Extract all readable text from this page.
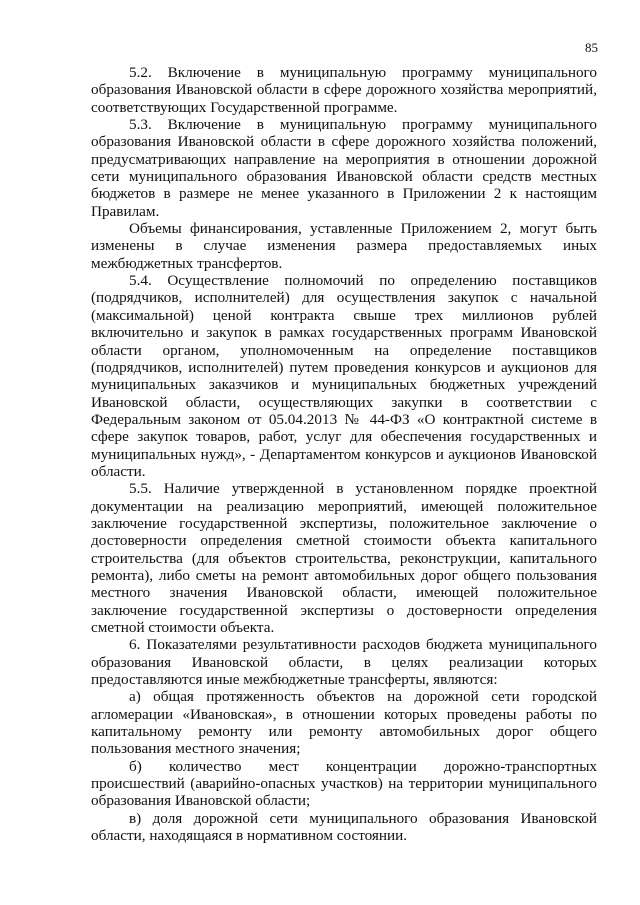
85

5.2. Включение в муниципальную программу муниципального образования Ивановской области в сфере дорожного хозяйства мероприятий, соответствующих Государственной программе.

5.3. Включение в муниципальную программу муниципального образования Ивановской области в сфере дорожного хозяйства положений, предусматривающих направление на мероприятия в отношении дорожной сети муниципального образования Ивановской области средств местных бюджетов в размере не менее указанного в Приложении 2 к настоящим Правилам.

Объемы финансирования, уставленные Приложением 2, могут быть изменены в случае изменения размера предоставляемых иных межбюджетных трансфертов.

5.4. Осуществление полномочий по определению поставщиков (подрядчиков, исполнителей) для осуществления закупок с начальной (максимальной) ценой контракта свыше трех миллионов рублей включительно и закупок в рамках государственных программ Ивановской области органом, уполномоченным на определение поставщиков (подрядчиков, исполнителей) путем проведения конкурсов и аукционов для муниципальных заказчиков и муниципальных бюджетных учреждений Ивановской области, осуществляющих закупки в соответствии с Федеральным законом от 05.04.2013 № 44-ФЗ «О контрактной системе в сфере закупок товаров, работ, услуг для обеспечения государственных и муниципальных нужд», - Департаментом конкурсов и аукционов Ивановской области.

5.5. Наличие утвержденной в установленном порядке проектной документации на реализацию мероприятий, имеющей положительное заключение государственной экспертизы, положительное заключение о достоверности определения сметной стоимости объекта капитального строительства (для объектов строительства, реконструкции, капитального ремонта), либо сметы на ремонт автомобильных дорог общего пользования местного значения Ивановской области, имеющей положительное заключение государственной экспертизы о достоверности определения сметной стоимости объекта.

6. Показателями результативности расходов бюджета муниципального образования Ивановской области, в целях реализации которых предоставляются иные межбюджетные трансферты, являются:

а) общая протяженность объектов на дорожной сети городской агломерации «Ивановская», в отношении которых проведены работы по капитальному ремонту или ремонту автомобильных дорог общего пользования местного значения;

б) количество мест концентрации дорожно-транспортных происшествий (аварийно-опасных участков) на территории муниципального образования Ивановской области;

в) доля дорожной сети муниципального образования Ивановской области, находящаяся в нормативном состоянии.
